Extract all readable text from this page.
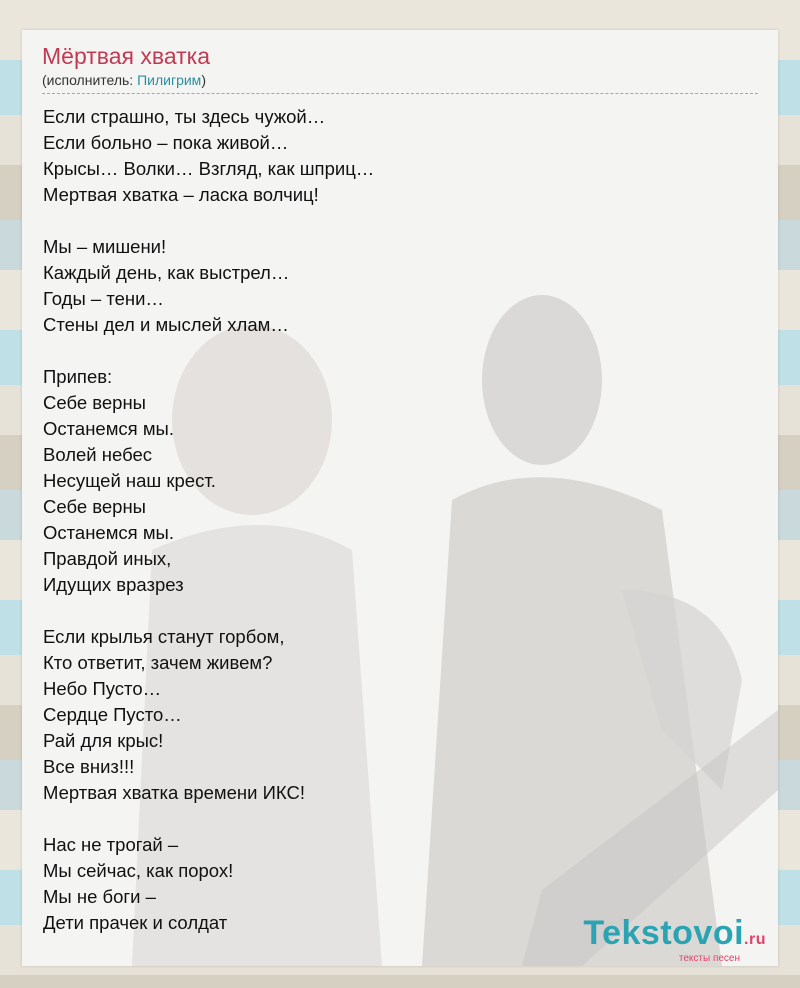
Мёртвая хватка
(исполнитель: Пилигрим)
Если страшно, ты здесь чужой…
Если больно – пока живой…
Крысы… Волки… Взгляд, как шприц…
Мертвая хватка – ласка волчиц!
Мы – мишени!
Каждый день, как выстрел…
Годы – тени…
Стены дел и мыслей хлам…
Припев:
Себе верны
Останемся мы.
Волей небес
Несущей наш крест.
Себе верны
Останемся мы.
Правдой иных,
Идущих вразрез
Если крылья станут горбом,
Кто ответит, зачем живем?
Небо Пусто…
Сердце Пусто…
Рай для крыс!
Все вниз!!!
Мертвая хватка времени ИКС!
Нас не трогай –
Мы сейчас, как порох!
Мы не боги –
Дети прачек и солдат	Tekstovoi.ru
тексты песен
